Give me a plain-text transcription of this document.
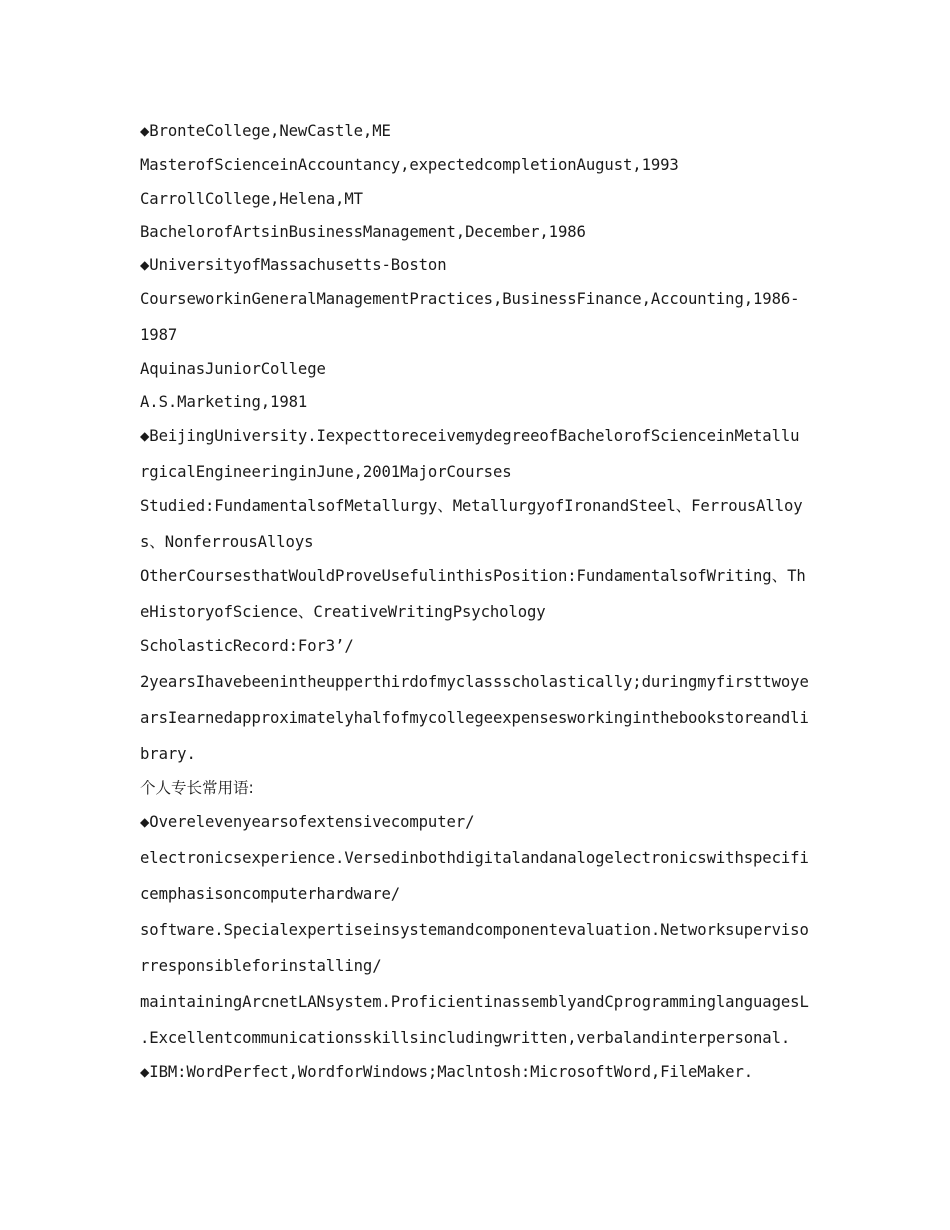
◆BronteCollege,NewCastle,ME
MasterofScienceinAccountancy,expectedcompletionAugust,1993
CarrollCollege,Helena,MT
BachelorofArtsinBusinessManagement,December,1986
◆UniversityofMassachusetts-Boston
CourseworkinGeneralManagementPractices,BusinessFinance,Accounting,1986-
1987
AquinasJuniorCollege
A.S.Marketing,1981
◆BeijingUniversity.IexpecttoreceivemydegreeofBachelorofScienceinMetallu
rgicalEngineeringinJune,2001MajorCourses
Studied:FundamentalsofMetallurgy、MetallurgyofIronandSteel、FerrousAlloy
s、NonferrousAlloys
OtherCoursesthatWouldProveUsefulinthisPosition:FundamentalsofWriting、Th
eHistoryofScience、CreativeWritingPsychology
ScholasticRecord:For3’/
2yearsIhavebeenintheupperthirdofmyclassscholastically;duringmyfirsttwoye
arsIearnedapproximatelyhalfofmycollegeexpensesworkinginthebookstoreandli
brary.
个人专长常用语:
◆Overelevenyearsofextensivecomputer/
electronicsexperience.Versedinbothdigitalandanalogelectronicswithspecifi
cemphasisoncomputerhardware/
software.Specialexpertiseinsystemandcomponentevaluation.Networksuperviso
rresponsibleforinstalling/
maintainingArcnetLANsystem.ProficientinassemblyandCprogramminglanguagesL
.Excellentcommunicationsskillsincludingwritten,verbalandinterpersonal.
◆IBM:WordPerfect,WordforWindows;Maclntosh:MicrosoftWord,FileMaker.
